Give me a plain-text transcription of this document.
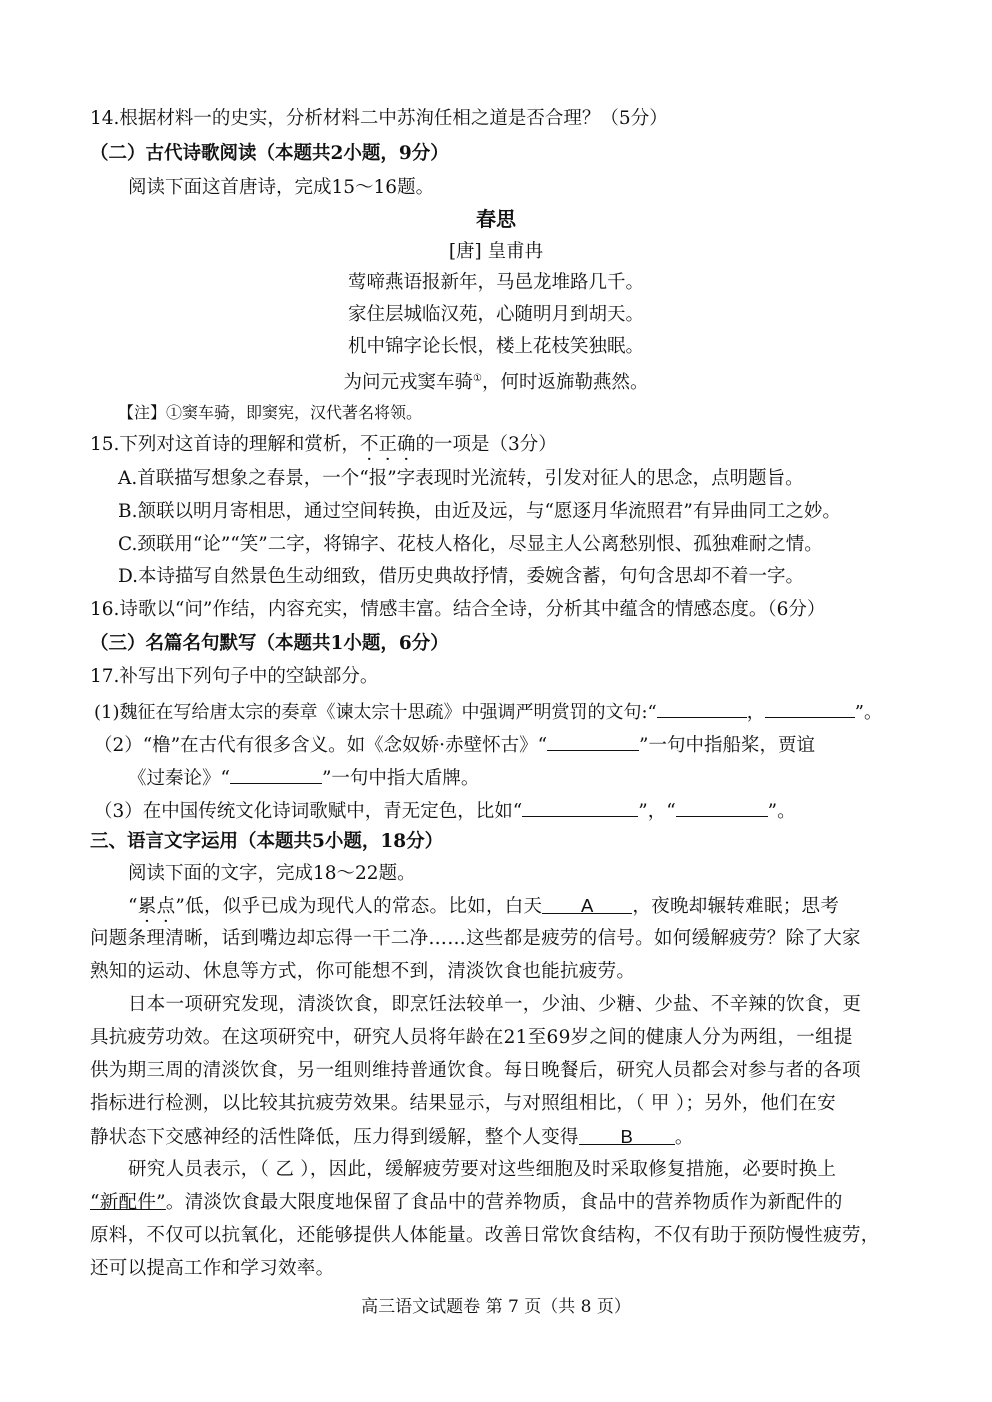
14.根据材料一的史实，分析材料二中苏洵任相之道是否合理？（5分）
（二）古代诗歌阅读（本题共2小题，9分）
阅读下面这首唐诗，完成15～16题。
春思
[唐] 皇甫冉
莺啼燕语报新年，马邑龙堆路几千。
家住层城临汉苑，心随明月到胡天。
机中锦字论长恨，楼上花枝笑独眠。
为问元戎窦车骑①，何时返旆勒燕然。
【注】①窦车骑，即窦宪，汉代著名将领。
15.下列对这首诗的理解和赏析，不正确的一项是（3分）
A.首联描写想象之春景，一个“报”字表现时光流转，引发对征人的思念，点明题旨。
B.颔联以明月寄相思，通过空间转换，由近及远，与“愿逐月华流照君”有异曲同工之妙。
C.颈联用“论”“笑”二字，将锦字、花枝人格化，尽显主人公离愁别恨、孤独难耐之情。
D.本诗描写自然景色生动细致，借历史典故抒情，委婉含蓄，句句含思却不着一字。
16.诗歌以“问”作结，内容充实，情感丰富。结合全诗，分析其中蕴含的情感态度。（6分）
（三）名篇名句默写（本题共1小题，6分）
17.补写出下列句子中的空缺部分。
(1)魏征在写给唐太宗的奏章《谏太宗十思疏》中强调严明赏罚的文句:“	，	”。
（2）“橹”在古代有很多含义。如《念奴娇·赤壁怀古》“	”一句中指船桨，贾谊
《过秦论》“	”一句中指大盾牌。
（3）在中国传统文化诗词歌赋中，青无定色，比如“	”，“	”。
三、语言文字运用（本题共5小题，18分）
阅读下面的文字，完成18～22题。
“累点”低，似乎已成为现代人的常态。比如，白天 A ，夜晚却辗转难眠；思考
问题条理清晰，话到嘴边却忘得一干二净……这些都是疲劳的信号。如何缓解疲劳？除了大家
熟知的运动、休息等方式，你可能想不到，清淡饮食也能抗疲劳。
日本一项研究发现，清淡饮食，即烹饪法较单一，少油、少糖、少盐、不辛辣的饮食，更
具抗疲劳功效。在这项研究中，研究人员将年龄在21至69岁之间的健康人分为两组，一组提
供为期三周的清淡饮食，另一组则维持普通饮食。每日晚餐后，研究人员都会对参与者的各项
指标进行检测，以比较其抗疲劳效果。结果显示，与对照组相比，（ 甲 ）；另外，他们在安
静状态下交感神经的活性降低，压力得到缓解，整个人变得 B 。
研究人员表示，（ 乙 ），因此，缓解疲劳要对这些细胞及时采取修复措施，必要时换上
“新配件”。清淡饮食最大限度地保留了食品中的营养物质，食品中的营养物质作为新配件的
原料，不仅可以抗氧化，还能够提供人体能量。改善日常饮食结构，不仅有助于预防慢性疲劳，
还可以提高工作和学习效率。
高三语文试题卷 第 7 页（共 8 页）
